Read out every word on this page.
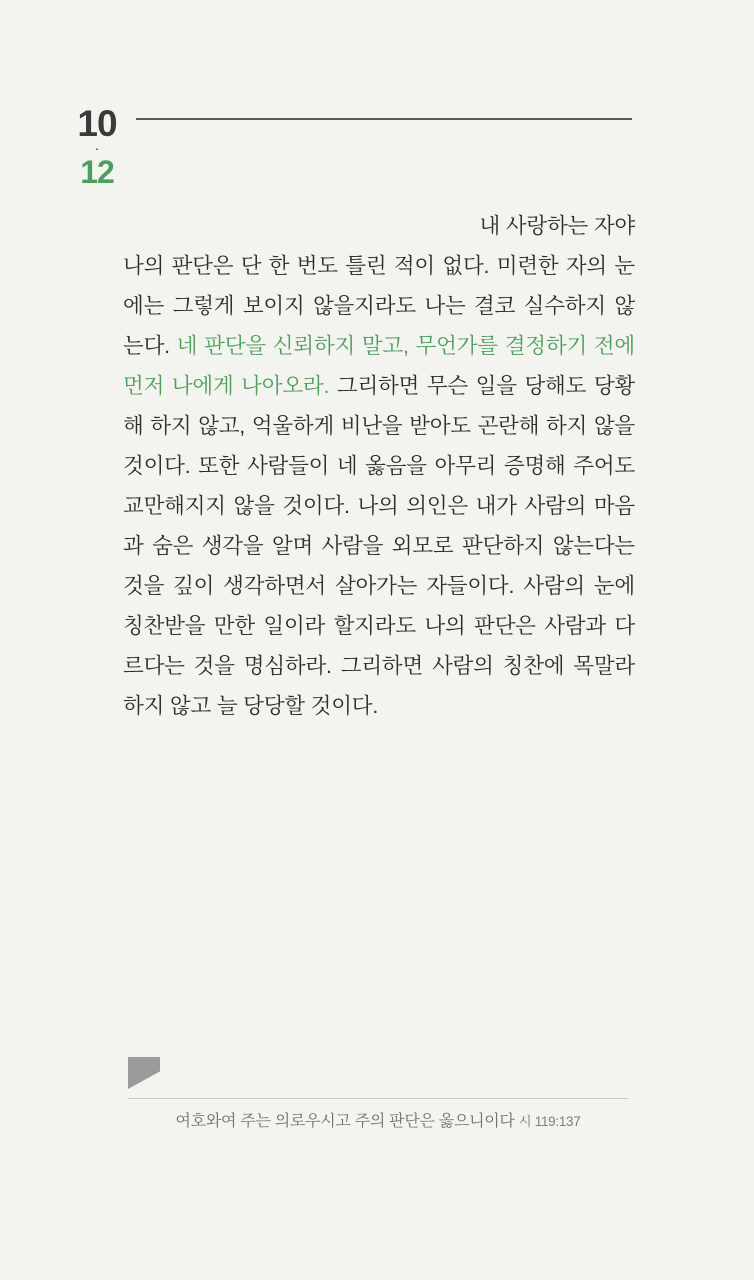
10
·
12
내 사랑하는 자야
나의 판단은 단 한 번도 틀린 적이 없다. 미련한 자의 눈에는 그렇게 보이지 않을지라도 나는 결코 실수하지 않는다. 네 판단을 신뢰하지 말고, 무언가를 결정하기 전에 먼저 나에게 나아오라. 그리하면 무슨 일을 당해도 당황해 하지 않고, 억울하게 비난을 받아도 곤란해 하지 않을 것이다. 또한 사람들이 네 옳음을 아무리 증명해 주어도 교만해지지 않을 것이다. 나의 의인은 내가 사람의 마음과 숨은 생각을 알며 사람을 외모로 판단하지 않는다는 것을 깊이 생각하면서 살아가는 자들이다. 사람의 눈에 칭찬받을 만한 일이라 할지라도 나의 판단은 사람과 다르다는 것을 명심하라. 그리하면 사람의 칭찬에 목말라하지 않고 늘 당당할 것이다.
여호와여 주는 의로우시고 주의 판단은 옳으니이다 시 119:137
